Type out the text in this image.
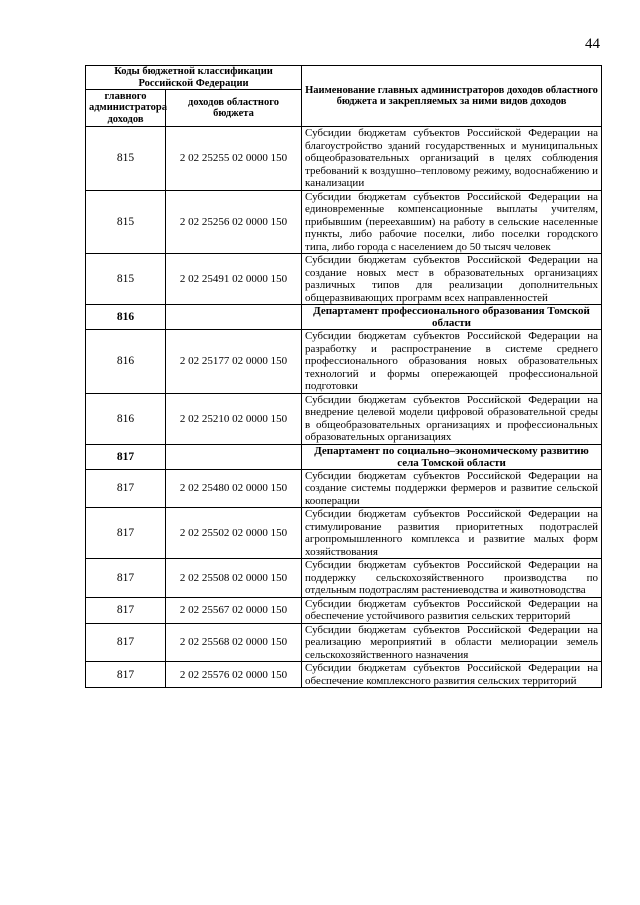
44
Коды бюджетной классификации Российской Федерации		Наименование главных администраторов доходов областного бюджета и закрепляемых за ними видов доходов
главного администратора доходов	доходов областного бюджета	
815	2 02 25255 02 0000 150	Субсидии бюджетам субъектов Российской Федерации на благоустройство зданий государственных и муниципальных общеобразовательных организаций в целях соблюдения требований к воздушно–тепловому режиму, водоснабжению и канализации
815	2 02 25256 02 0000 150	Субсидии бюджетам субъектов Российской Федерации на единовременные компенсационные выплаты учителям, прибывшим (переехавшим) на работу в сельские населенные пункты, либо рабочие поселки, либо поселки городского типа, либо города с населением до 50 тысяч человек
815	2 02 25491 02 0000 150	Субсидии бюджетам субъектов Российской Федерации на создание новых мест в образовательных организациях различных типов для реализации дополнительных общеразвивающих программ всех направленностей
816		Департамент профессионального образования Томской области
816	2 02 25177 02 0000 150	Субсидии бюджетам субъектов Российской Федерации на разработку и распространение в системе среднего профессионального образования новых образовательных технологий и формы опережающей профессиональной подготовки
816	2 02 25210 02 0000 150	Субсидии бюджетам субъектов Российской Федерации на внедрение целевой модели цифровой образовательной среды в общеобразовательных организациях и профессиональных образовательных организациях
817		Департамент по социально–экономическому развитию села Томской области
817	2 02 25480 02 0000 150	Субсидии бюджетам субъектов Российской Федерации на создание системы поддержки фермеров и развитие сельской кооперации
817	2 02 25502 02 0000 150	Субсидии бюджетам субъектов Российской Федерации на стимулирование развития приоритетных подотраслей агропромышленного комплекса и развитие малых форм хозяйствования
817	2 02 25508 02 0000 150	Субсидии бюджетам субъектов Российской Федерации на поддержку сельскохозяйственного производства по отдельным подотраслям растениеводства и животноводства
817	2 02 25567 02 0000 150	Субсидии бюджетам субъектов Российской Федерации на обеспечение устойчивого развития сельских территорий
817	2 02 25568 02 0000 150	Субсидии бюджетам субъектов Российской Федерации на реализацию мероприятий в области мелиорации земель сельскохозяйственного назначения
817	2 02 25576 02 0000 150	Субсидии бюджетам субъектов Российской Федерации на обеспечение комплексного развития сельских территорий
